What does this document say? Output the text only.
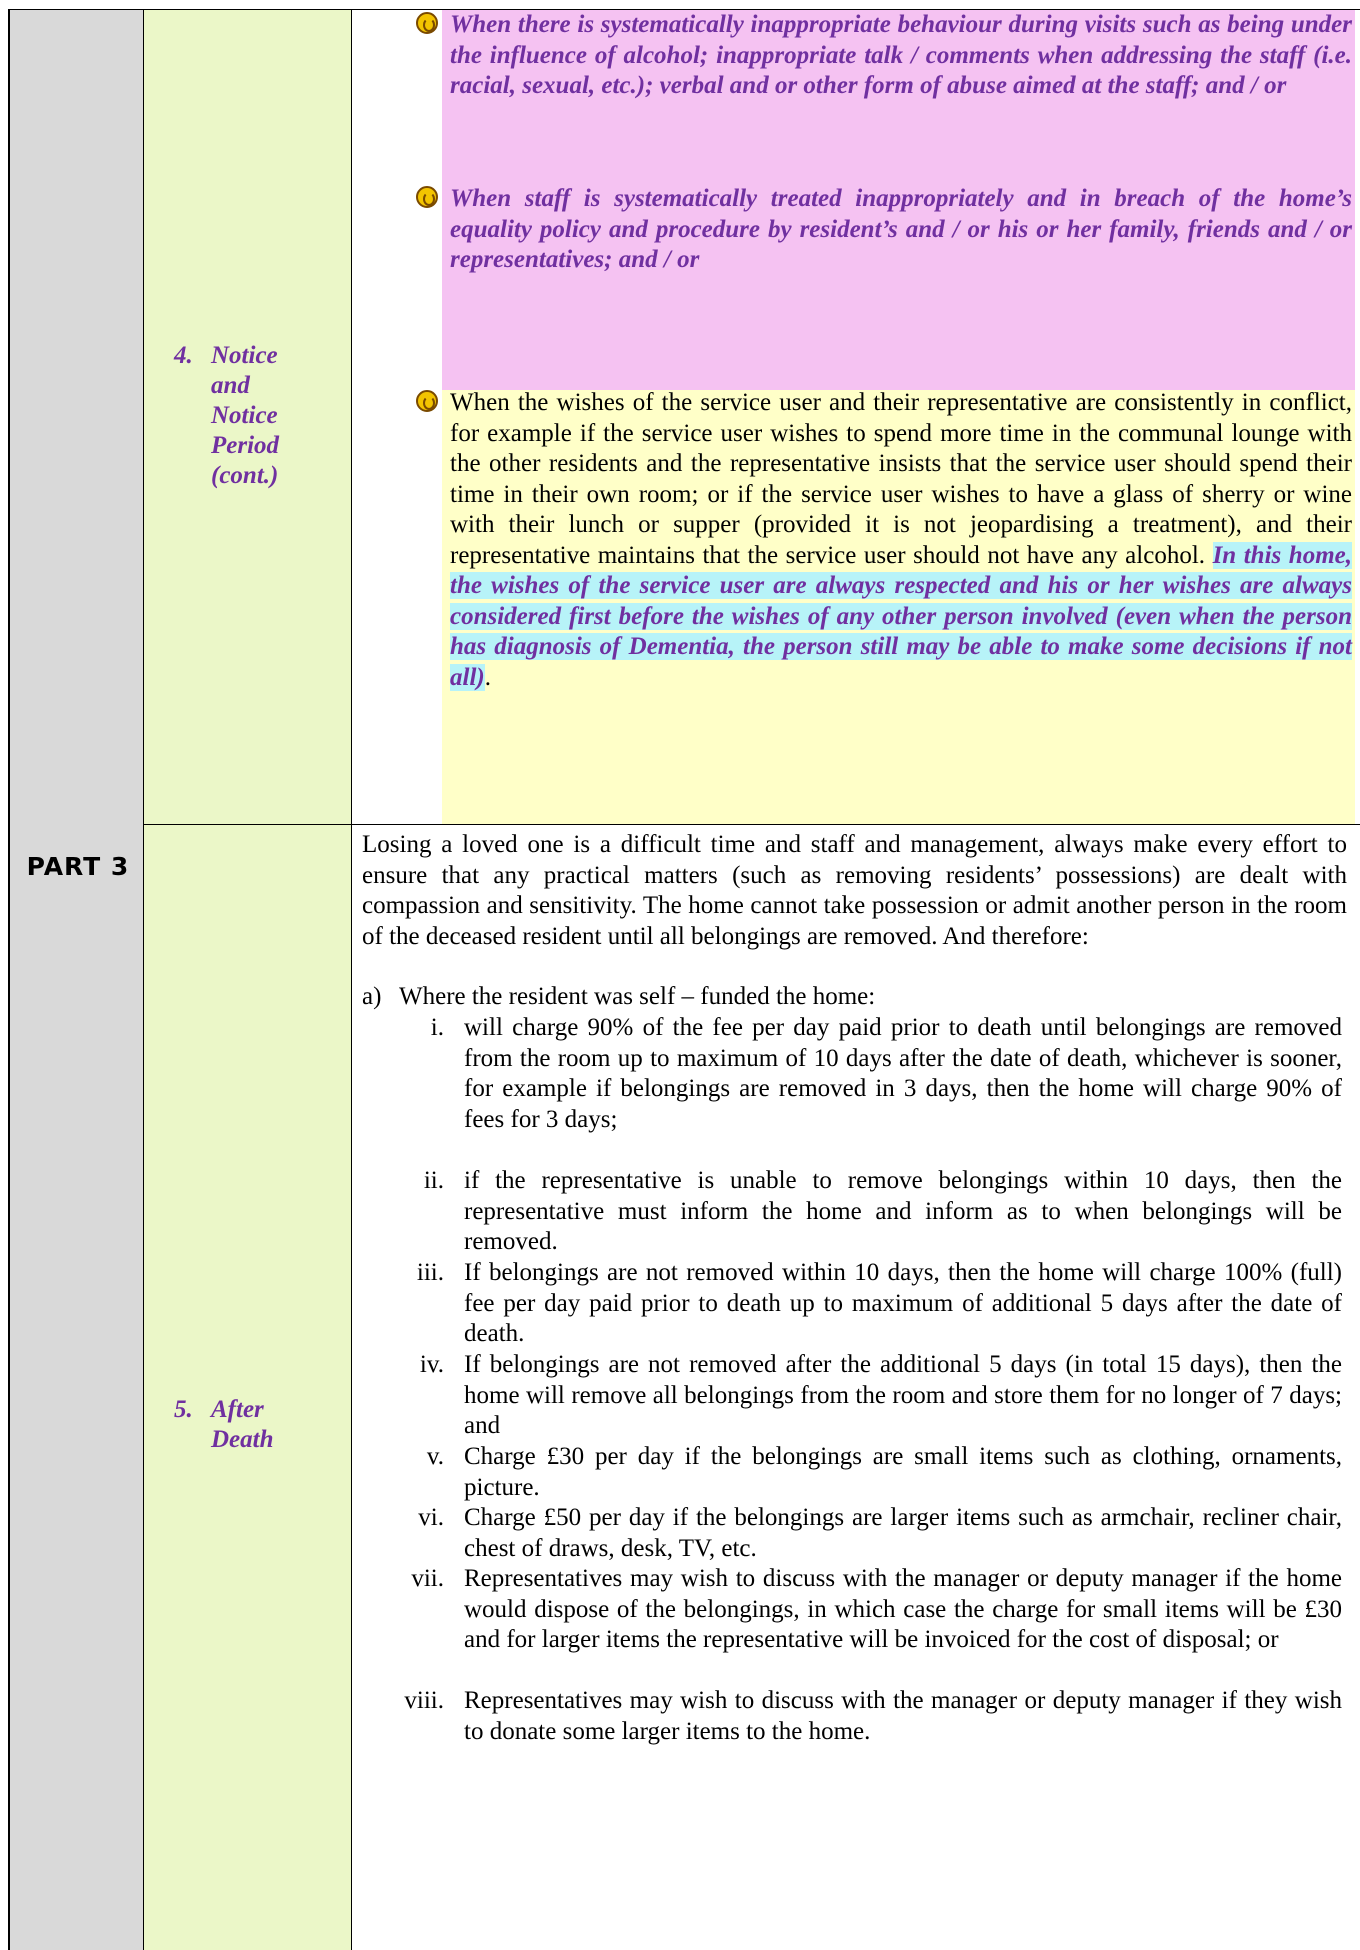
PART 3
4. Notice
and
Notice
Period
(cont.)
5. After
Death
When there is systematically inappropriate behaviour during visits such as being under the influence of alcohol; inappropriate talk / comments when addressing the staff (i.e. racial, sexual, etc.); verbal and or other form of abuse aimed at the staff; and / or
When staff is systematically treated inappropriately and in breach of the home’s equality policy and procedure by resident’s and / or his or her family, friends and / or representatives; and / or
When the wishes of the service user and their representative are consistently in conflict, for example if the service user wishes to spend more time in the communal lounge with the other residents and the representative insists that the service user should spend their time in their own room; or if the service user wishes to have a glass of sherry or wine with their lunch or supper (provided it is not jeopardising a treatment), and their representative maintains that the service user should not have any alcohol. In this home, the wishes of the service user are always respected and his or her wishes are always considered first before the wishes of any other person involved (even when the person has diagnosis of Dementia, the person still may be able to make some decisions if not all).
Losing a loved one is a difficult time and staff and management, always make every effort to ensure that any practical matters (such as removing residents’ possessions) are dealt with compassion and sensitivity. The home cannot take possession or admit another person in the room of the deceased resident until all belongings are removed. And therefore:
a) Where the resident was self – funded the home:
i. will charge 90% of the fee per day paid prior to death until belongings are removed from the room up to maximum of 10 days after the date of death, whichever is sooner, for example if belongings are removed in 3 days, then the home will charge 90% of fees for 3 days;
ii. if the representative is unable to remove belongings within 10 days, then the representative must inform the home and inform as to when belongings will be removed.
iii. If belongings are not removed within 10 days, then the home will charge 100% (full) fee per day paid prior to death up to maximum of additional 5 days after the date of death.
iv. If belongings are not removed after the additional 5 days (in total 15 days), then the home will remove all belongings from the room and store them for no longer of 7 days; and
v. Charge £30 per day if the belongings are small items such as clothing, ornaments, picture.
vi. Charge £50 per day if the belongings are larger items such as armchair, recliner chair, chest of draws, desk, TV, etc.
vii. Representatives may wish to discuss with the manager or deputy manager if the home would dispose of the belongings, in which case the charge for small items will be £30 and for larger items the representative will be invoiced for the cost of disposal; or
viii. Representatives may wish to discuss with the manager or deputy manager if they wish to donate some larger items to the home.
